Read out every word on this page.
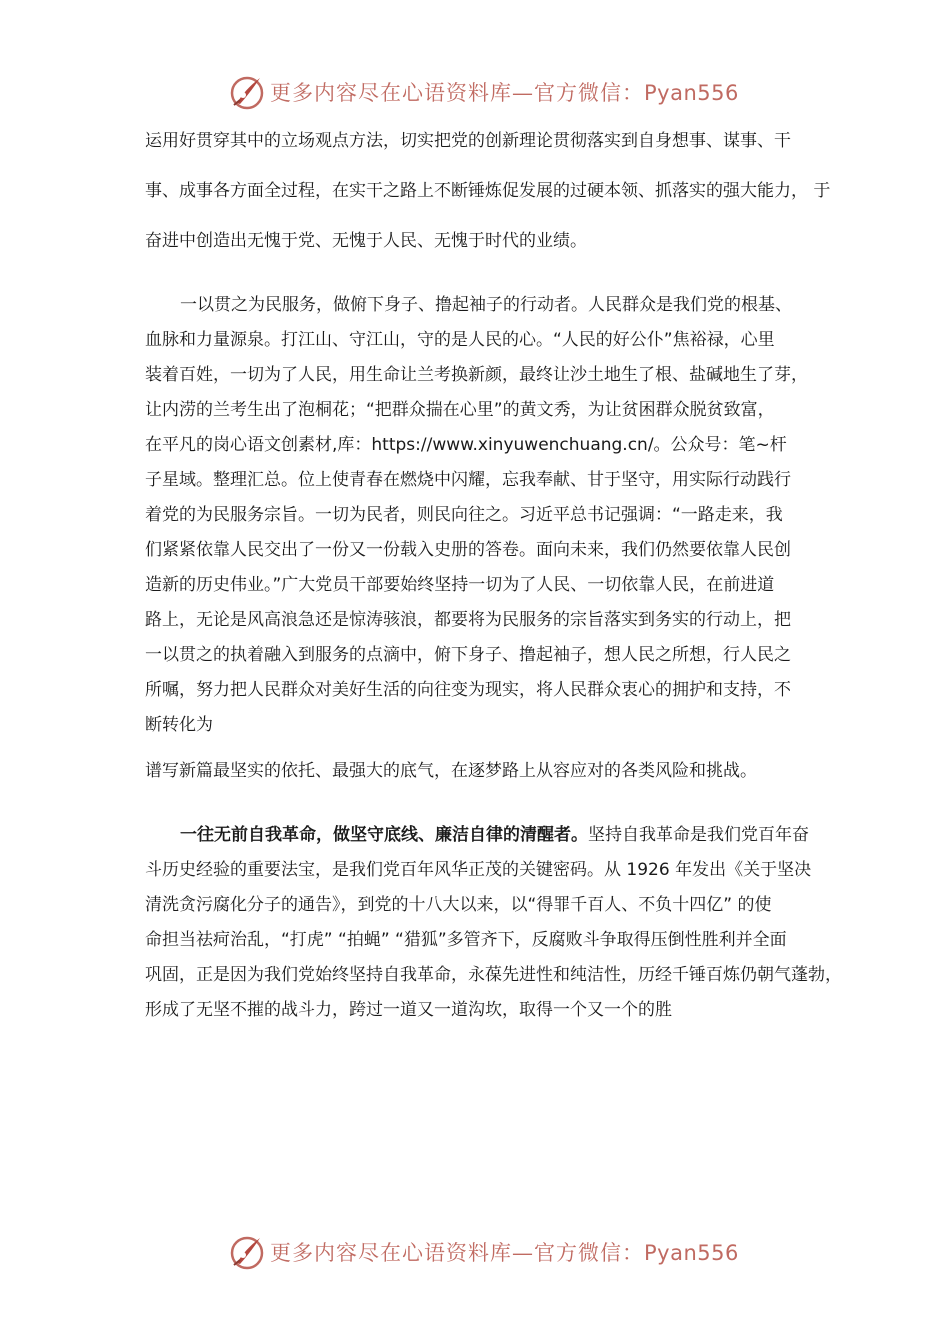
更多内容尽在心语资料库—官方微信：Pyan556
运用好贯穿其中的立场观点方法，切实把党的创新理论贯彻落实到自身想事、谋事、干
事、成事各方面全过程，在实干之路上不断锤炼促发展的过硬本领、抓落实的强大能力， 于
奋进中创造出无愧于党、无愧于人民、无愧于时代的业绩。
一以贯之为民服务，做俯下身子、撸起袖子的行动者。人民群众是我们党的根基、
血脉和力量源泉。打江山、守江山，守的是人民的心。“人民的好公仆”焦裕禄，心里
装着百姓，一切为了人民，用生命让兰考换新颜，最终让沙土地生了根、盐碱地生了芽，
让内涝的兰考生出了泡桐花；“把群众揣在心里”的黄文秀，为让贫困群众脱贫致富，
在平凡的岗心语文创素材,库：https://www.xinyuwenchuang.cn/。公众号：笔~杆
子星域。整理汇总。位上使青春在燃烧中闪耀，忘我奉献、甘于坚守，用实际行动践行
着党的为民服务宗旨。一切为民者，则民向往之。习近平总书记强调：“一路走来，我
们紧紧依靠人民交出了一份又一份载入史册的答卷。面向未来，我们仍然要依靠人民创
造新的历史伟业。”广大党员干部要始终坚持一切为了人民、一切依靠人民，在前进道
路上，无论是风高浪急还是惊涛骇浪，都要将为民服务的宗旨落实到务实的行动上，把
一以贯之的执着融入到服务的点滴中，俯下身子、撸起袖子，想人民之所想，行人民之
所嘱，努力把人民群众对美好生活的向往变为现实，将人民群众衷心的拥护和支持，不
断转化为
谱写新篇最坚实的依托、最强大的底气，在逐梦路上从容应对的各类风险和挑战。
一往无前自我革命，做坚守底线、廉洁自律的清醒者。坚持自我革命是我们党百年奋
斗历史经验的重要法宝，是我们党百年风华正茂的关键密码。从 1926 年发出《关于坚决
清洗贪污腐化分子的通告》，到党的十八大以来，以“得罪千百人、不负十四亿” 的使
命担当祛疴治乱，“打虎” “拍蝇” “猎狐”多管齐下，反腐败斗争取得压倒性胜利并全面
巩固，正是因为我们党始终坚持自我革命，永葆先进性和纯洁性，历经千锤百炼仍朝气蓬勃，
形成了无坚不摧的战斗力，跨过一道又一道沟坎，取得一个又一个的胜
更多内容尽在心语资料库—官方微信：Pyan556
